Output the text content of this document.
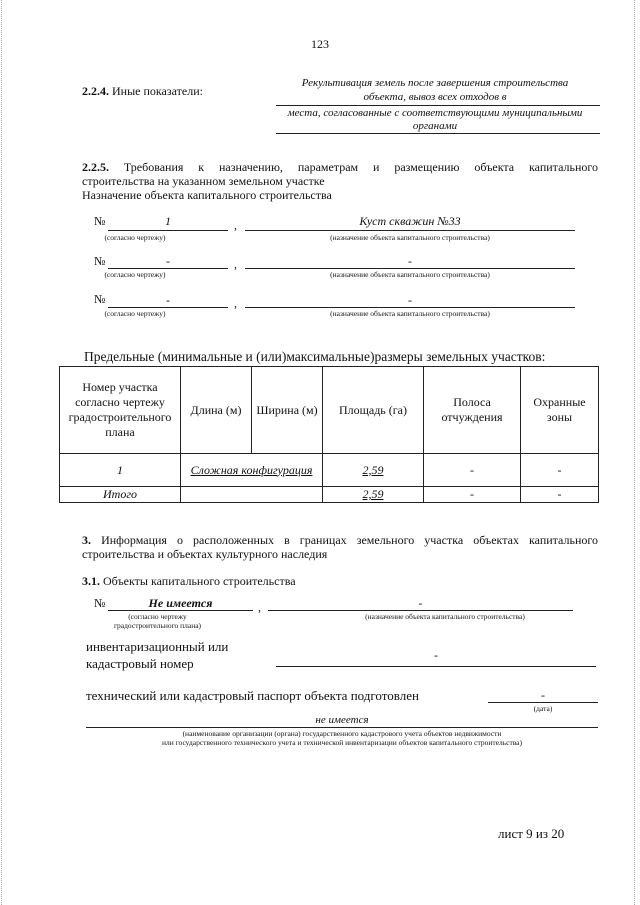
123
2.2.4. Иные показатели:
Рекультивация земель после завершения строительства
объекта, вывоз всех отходов в
места, согласованные с соответствующими муниципальными
органами
2.2.5. Требования к назначению, параметрам и размещению объекта капитального
строительства на указанном земельном участке
Назначение объекта капитального строительства
№	1	,	Куст скважин №33
(согласно чертежу)	(назначение объекта капитального строительства)
№	-	,	-
(согласно чертежу)	(назначение объекта капитального строительства)
№	-	,	-
(согласно чертежу)	(назначение объекта капитального строительства)
Предельные (минимальные и (или)максимальные)размеры земельных участков:
Номер участка согласно чертежу градостроительного плана	Длина (м)	Ширина (м)	Площадь (га)	Полоса отчуждения	Охранные зоны
1	Сложная конфигурация		2,59	-	-
Итого			2,59	-	-
3. Информация о расположенных в границах земельного участка объектах капитального
строительства и объектах культурного наследия
3.1. Объекты капитального строительства
№	Не имеется	,	-
(согласно чертежу
градостроительного плана)
(назначение объекта капитального строительства)
инвентаризационный или
кадастровый номер
-
технический или кадастровый паспорт объекта подготовлен	-
(дата)
не имеется
(наименование организации (органа) государственного кадастрового учета объектов недвижимости
или государственного технического учета и технической инвентаризации объектов капитального строительства)
лист 9 из 20
